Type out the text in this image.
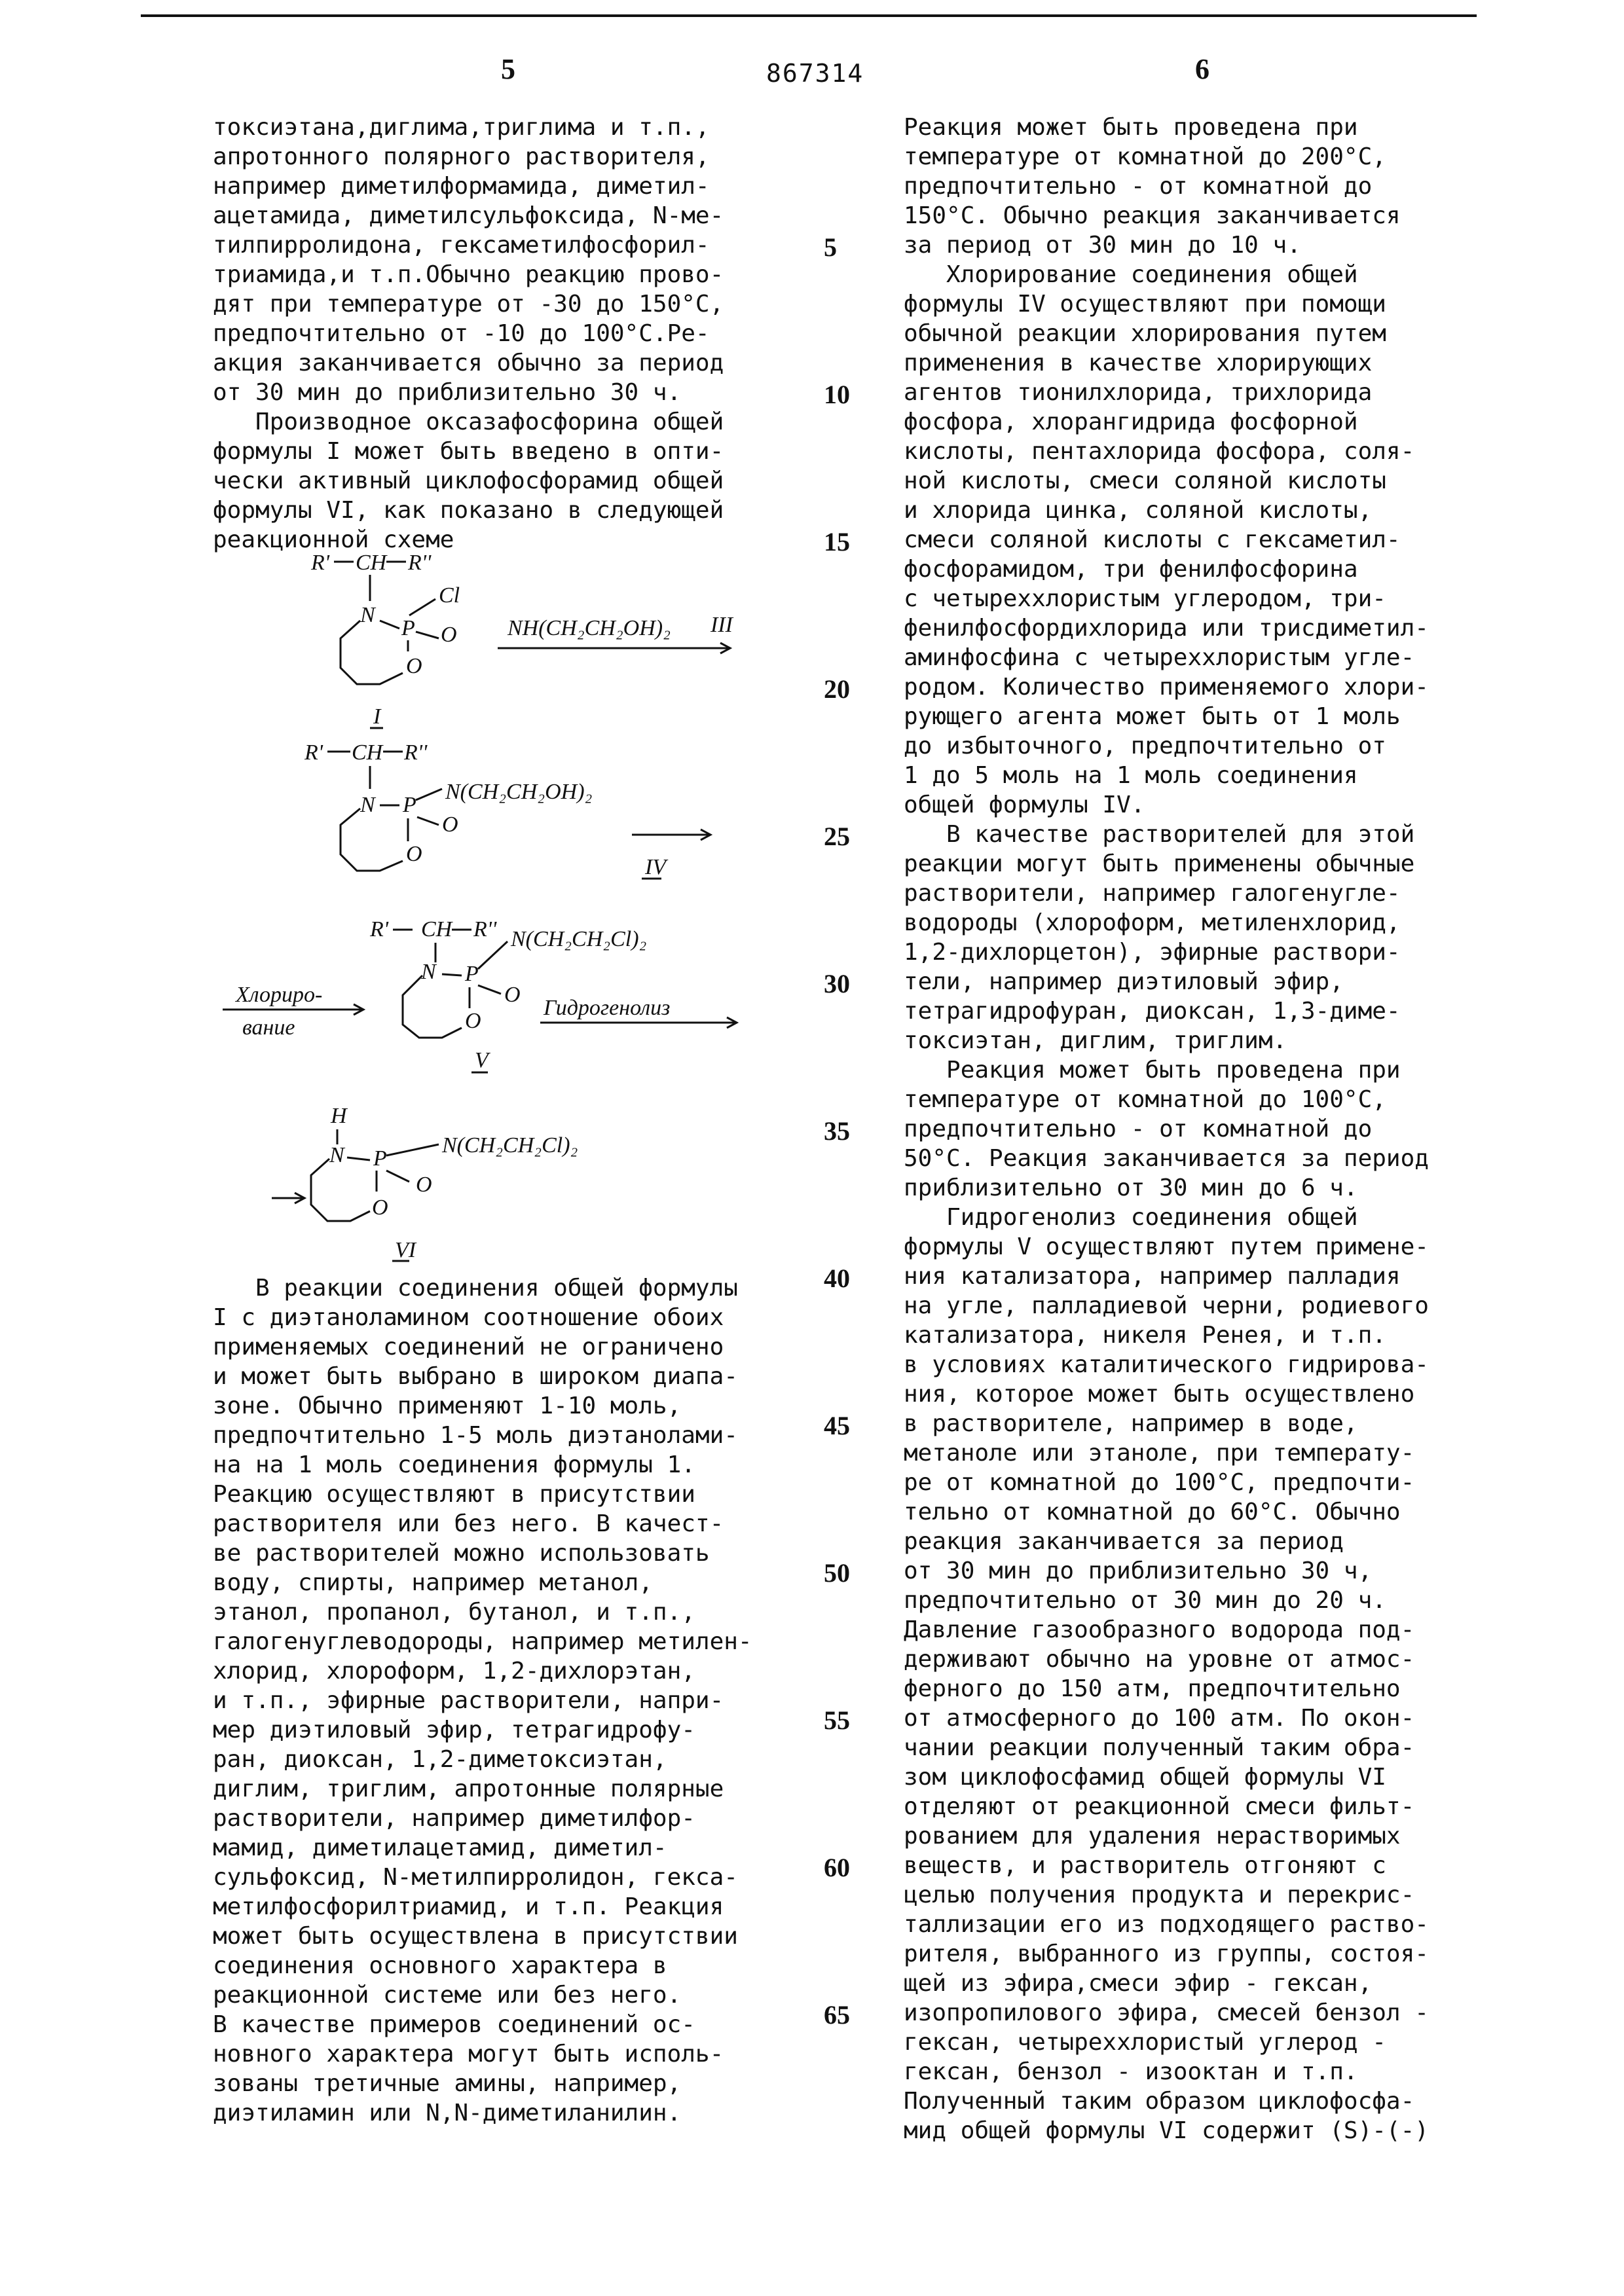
5	867314	6
токсиэтана,диглима,триглима и т.п.,
апротонного полярного растворителя,
например диметилформамида, диметил-
ацетамида, диметилсульфоксида, N-ме-
тилпирролидона, гексаметилфосфорил-
триамида,и т.п.Обычно реакцию прово-
дят при температуре от -30 до 150°С,
предпочтительно от -10 до 100°С.Ре-
акция заканчивается обычно за период
от 30 мин до приблизительно 30 ч.
Производное оксазафосфорина общей
формулы I может быть введено в опти-
чески активный циклофосфорамид общей
формулы VI, как показано в следующей
реакционной схеме
R' CH R''
N
P
Cl
O
O
I
NH(CH₂CH₂OH)₂ III
R' CH R''
N P
N(CH₂CH₂OH)₂
O
O
IV
Хлориро-
вание
R' CH R''
N P
N(CH₂CH₂Cl)₂
O
O
V
Гидрогенолиз
H
N P
N(CH₂CH₂Cl)₂
O
O
VI
В реакции соединения общей формулы
I с диэтаноламином соотношение обоих
применяемых соединений не ограничено
и может быть выбрано в широком диапа-
зоне. Обычно применяют 1-10 моль,
предпочтительно 1-5 моль диэтанолами-
на на 1 моль соединения формулы 1.
Реакцию осуществляют в присутствии
растворителя или без него. В качест-
ве растворителей можно использовать
воду, спирты, например метанол,
этанол, пропанол, бутанол, и т.п.,
галогенуглеводороды, например метилен-
хлорид, хлороформ, 1,2-дихлорэтан,
и т.п., эфирные растворители, напри-
мер диэтиловый эфир, тетрагидрофу-
ран, диоксан, 1,2-диметоксиэтан,
диглим, триглим, апротонные полярные
растворители, например диметилфор-
мамид, диметилацетамид, диметил-
сульфоксид, N-метилпирролидон, гекса-
метилфосфорилтриамид, и т.п. Реакция
может быть осуществлена в присутствии
соединения основного характера в
реакционной системе или без него.
В качестве примеров соединений ос-
новного характера могут быть исполь-
зованы третичные амины, например,
диэтиламин или N,N-диметиланилин.
Реакция может быть проведена при
температуре от комнатной до 200°С,
предпочтительно - от комнатной до
150°С. Обычно реакция заканчивается
за период от 30 мин до 10 ч.
Хлорирование соединения общей
формулы IV осуществляют при помощи
обычной реакции хлорирования путем
применения в качестве хлорирующих
агентов тионилхлорида, трихлорида
фосфора, хлорангидрида фосфорной
кислоты, пентахлорида фосфора, соля-
ной кислоты, смеси соляной кислоты
и хлорида цинка, соляной кислоты,
смеси соляной кислоты с гексаметил-
фосфорамидом, три фенилфосфорина
с четыреххлористым углеродом, три-
фенилфосфордихлорида или трисдиметил-
аминфосфина с четыреххлористым угле-
родом. Количество применяемого хлори-
рующего агента может быть от 1 моль
до избыточного, предпочтительно от
1 до 5 моль на 1 моль соединения
общей формулы IV.
В качестве растворителей для этой
реакции могут быть применены обычные
растворители, например галогенугле-
водороды (хлороформ, метиленхлорид,
1,2-дихлорцетон), эфирные раствори-
тели, например диэтиловый эфир,
тетрагидрофуран, диоксан, 1,3-диме-
токсиэтан, диглим, триглим.
Реакция может быть проведена при
температуре от комнатной до 100°С,
предпочтительно - от комнатной до
50°С. Реакция заканчивается за период
приблизительно от 30 мин до 6 ч.
Гидрогенолиз соединения общей
формулы V осуществляют путем примене-
ния катализатора, например палладия
на угле, палладиевой черни, родиевого
катализатора, никеля Ренея, и т.п.
в условиях каталитического гидрирова-
ния, которое может быть осуществлено
в растворителе, например в воде,
метаноле или этаноле, при температу-
ре от комнатной до 100°С, предпочти-
тельно от комнатной до 60°С. Обычно
реакция заканчивается за период
от 30 мин до приблизительно 30 ч,
предпочтительно от 30 мин до 20 ч.
Давление газообразного водорода под-
держивают обычно на уровне от атмос-
ферного до 150 атм, предпочтительно
от атмосферного до 100 атм. По окон-
чании реакции полученный таким обра-
зом циклофосфамид общей формулы VI
отделяют от реакционной смеси фильт-
рованием для удаления нерастворимых
веществ, и растворитель отгоняют с
целью получения продукта и перекрис-
таллизации его из подходящего раство-
рителя, выбранного из группы, состоя-
щей из эфира,смеси эфир - гексан,
изопропилового эфира, смесей бензол -
гексан, четыреххлористый углерод -
гексан, бензол - изооктан и т.п.
Полученный таким образом циклофосфа-
мид общей формулы VI содержит (S)-(-)
5
10
15
20
25
30
35
40
45
50
55
60
65
